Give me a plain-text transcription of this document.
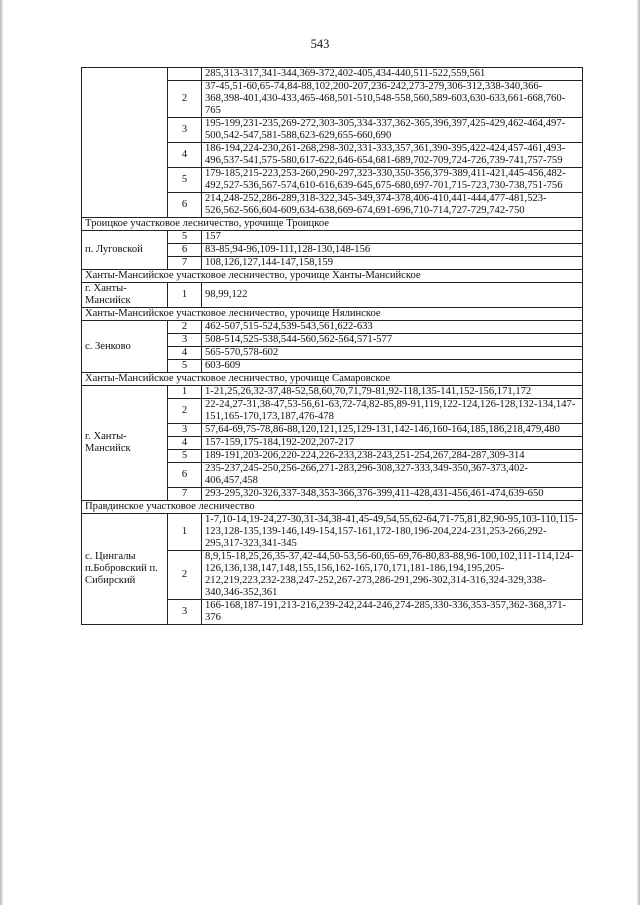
543
		285,313-317,341-344,369-372,402-405,434-440,511-522,559,561
	2	37-45,51-60,65-74,84-88,102,200-207,236-242,273-279,306-312,338-340,366-368,398-401,430-433,465-468,501-510,548-558,560,589-603,630-633,661-668,760-765
	3	195-199,231-235,269-272,303-305,334-337,362-365,396,397,425-429,462-464,497-500,542-547,581-588,623-629,655-660,690
	4	186-194,224-230,261-268,298-302,331-333,357,361,390-395,422-424,457-461,493-496,537-541,575-580,617-622,646-654,681-689,702-709,724-726,739-741,757-759
	5	179-185,215-223,253-260,290-297,323-330,350-356,379-389,411-421,445-456,482-492,527-536,567-574,610-616,639-645,675-680,697-701,715-723,730-738,751-756
	6	214,248-252,286-289,318-322,345-349,374-378,406-410,441-444,477-481,523-526,562-566,604-609,634-638,669-674,691-696,710-714,727-729,742-750
Троицкое участковое лесничество, урочище Троицкое		
п. Луговской	5	157
	6	83-85,94-96,109-111,128-130,148-156
	7	108,126,127,144-147,158,159
Ханты-Мансийское участковое лесничество, урочище Ханты-Мансийское		
г. Ханты-Мансийск	1	98,99,122
Ханты-Мансийское участковое лесничество, урочище Нялинское		
с. Зенково	2	462-507,515-524,539-543,561,622-633
	3	508-514,525-538,544-560,562-564,571-577
	4	565-570,578-602
	5	603-609
Ханты-Мансийское участковое лесничество, урочище Самаровское		
г. Ханты-Мансийск	1	1-21,25,26,32-37,48-52,58,60,70,71,79-81,92-118,135-141,152-156,171,172
	2	22-24,27-31,38-47,53-56,61-63,72-74,82-85,89-91,119,122-124,126-128,132-134,147-151,165-170,173,187,476-478
	3	57,64-69,75-78,86-88,120,121,125,129-131,142-146,160-164,185,186,218,479,480
	4	157-159,175-184,192-202,207-217
	5	189-191,203-206,220-224,226-233,238-243,251-254,267,284-287,309-314
	6	235-237,245-250,256-266,271-283,296-308,327-333,349-350,367-373,402-406,457,458
	7	293-295,320-326,337-348,353-366,376-399,411-428,431-456,461-474,639-650
Правдинское участковое лесничество		
с. Цингалы п.Бобровский п. Сибирский	1	1-7,10-14,19-24,27-30,31-34,38-41,45-49,54,55,62-64,71-75,81,82,90-95,103-110,115-123,128-135,139-146,149-154,157-161,172-180,196-204,224-231,253-266,292-295,317-323,341-345
	2	8,9,15-18,25,26,35-37,42-44,50-53,56-60,65-69,76-80,83-88,96-100,102,111-114,124-126,136,138,147,148,155,156,162-165,170,171,181-186,194,195,205-212,219,223,232-238,247-252,267-273,286-291,296-302,314-316,324-329,338-340,346-352,361
	3	166-168,187-191,213-216,239-242,244-246,274-285,330-336,353-357,362-368,371-376
